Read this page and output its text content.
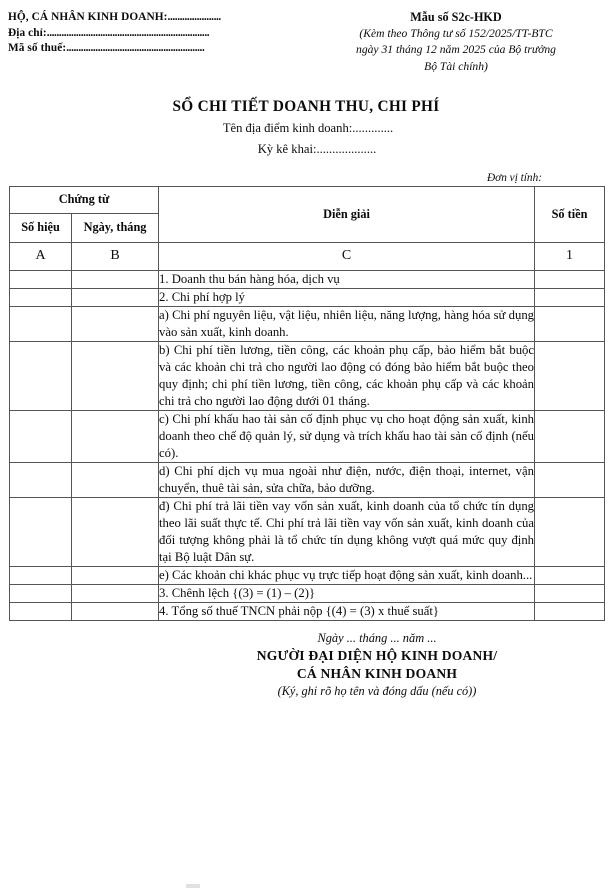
HỘ, CÁ NHÂN KINH DOANH:......................
Địa chỉ:...................................................................
Mã số thuế:.........................................................
Mẫu số S2c-HKD
(Kèm theo Thông tư số 152/2025/TT-BTC
ngày 31 tháng 12 năm 2025 của Bộ trưởng
Bộ Tài chính)
SỔ CHI TIẾT DOANH THU, CHI PHÍ
Tên địa điểm kinh doanh:.............
Kỳ kê khai:...................
Đơn vị tính:
Chứng từ		Diễn giải	Số tiền
Số hiệu	Ngày, tháng		
A	B	C	1
		1. Doanh thu bán hàng hóa, dịch vụ	
		2. Chi phí hợp lý	
		a) Chi phí nguyên liệu, vật liệu, nhiên liệu, năng lượng, hàng hóa sử dụng vào sản xuất, kinh doanh.	
		b) Chi phí tiền lương, tiền công, các khoản phụ cấp, bảo hiểm bắt buộc và các khoản chi trả cho người lao động có đóng bảo hiểm bắt buộc theo quy định; chi phí tiền lương, tiền công, các khoản phụ cấp và các khoản chi trả cho người lao động dưới 01 tháng.	
		c) Chi phí khấu hao tài sản cố định phục vụ cho hoạt động sản xuất, kinh doanh theo chế độ quản lý, sử dụng và trích khấu hao tài sản cố định (nếu có).	
		d) Chi phí dịch vụ mua ngoài như điện, nước, điện thoại, internet, vận chuyển, thuê tài sản, sửa chữa, bảo dưỡng.	
		đ) Chi phí trả lãi tiền vay vốn sản xuất, kinh doanh của tổ chức tín dụng theo lãi suất thực tế. Chi phí trả lãi tiền vay vốn sản xuất, kinh doanh của đối tượng không phải là tổ chức tín dụng không vượt quá mức quy định tại Bộ luật Dân sự.	
		e) Các khoản chi khác phục vụ trực tiếp hoạt động sản xuất, kinh doanh...	
		3. Chênh lệch {(3) = (1) – (2)}	
		4. Tổng số thuế TNCN phải nộp {(4) = (3) x thuế suất}	
Ngày ... tháng ... năm ...
NGƯỜI ĐẠI DIỆN HỘ KINH DOANH/
CÁ NHÂN KINH DOANH
(Ký, ghi rõ họ tên và đóng dấu (nếu có))
